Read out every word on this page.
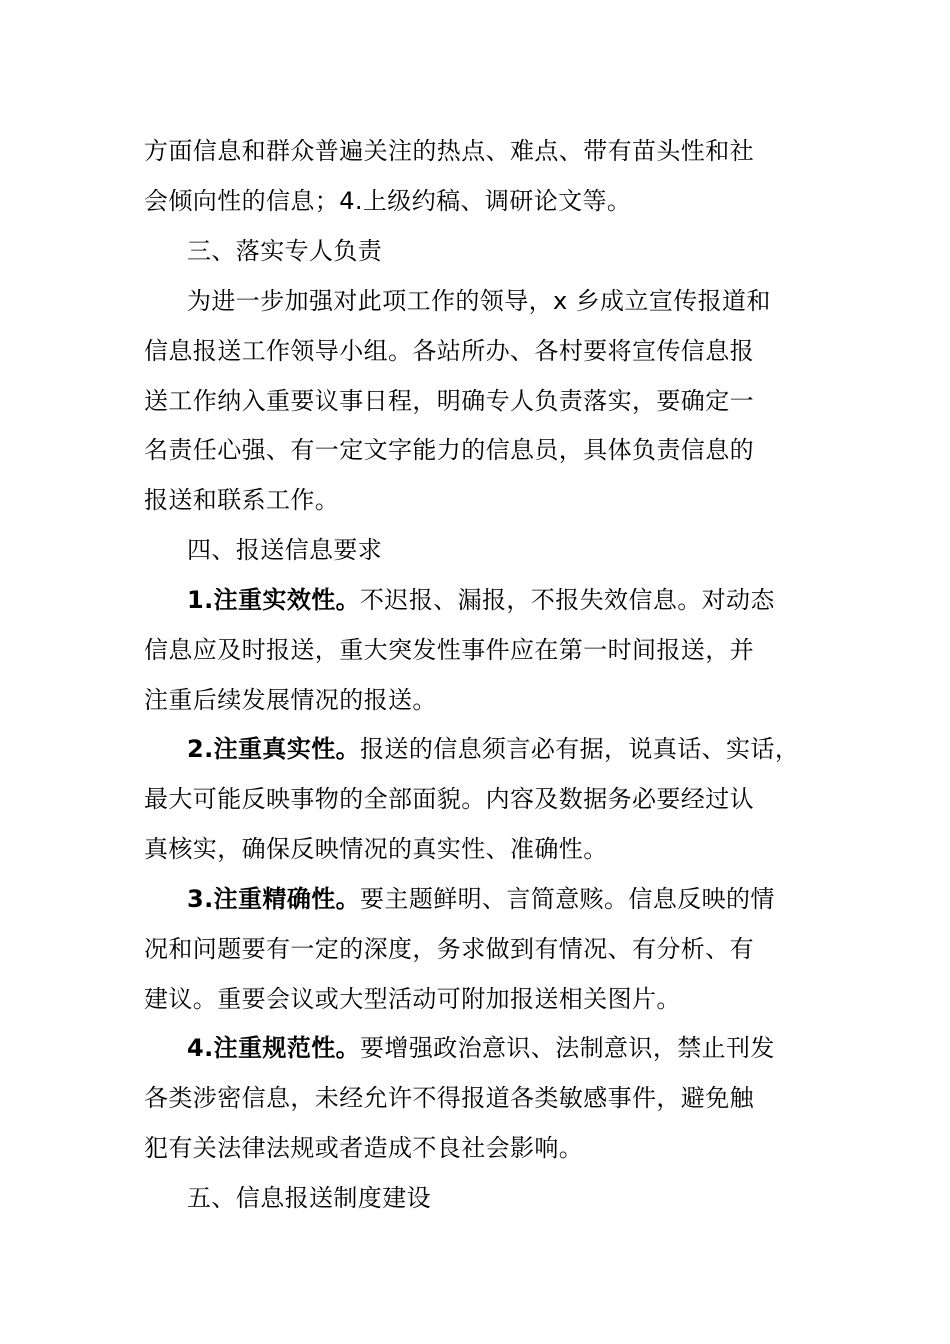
方面信息和群众普遍关注的热点、难点、带有苗头性和社
会倾向性的信息；4.上级约稿、调研论文等。
三、落实专人负责
为进一步加强对此项工作的领导，x 乡成立宣传报道和
信息报送工作领导小组。各站所办、各村要将宣传信息报
送工作纳入重要议事日程，明确专人负责落实，要确定一
名责任心强、有一定文字能力的信息员，具体负责信息的
报送和联系工作。
四、报送信息要求
1.注重实效性。不迟报、漏报，不报失效信息。对动态
信息应及时报送，重大突发性事件应在第一时间报送，并
注重后续发展情况的报送。
2.注重真实性。报送的信息须言必有据，说真话、实话，
最大可能反映事物的全部面貌。内容及数据务必要经过认
真核实，确保反映情况的真实性、准确性。
3.注重精确性。要主题鲜明、言简意赅。信息反映的情
况和问题要有一定的深度，务求做到有情况、有分析、有
建议。重要会议或大型活动可附加报送相关图片。
4.注重规范性。要增强政治意识、法制意识，禁止刊发
各类涉密信息，未经允许不得报道各类敏感事件，避免触
犯有关法律法规或者造成不良社会影响。
五、信息报送制度建设
